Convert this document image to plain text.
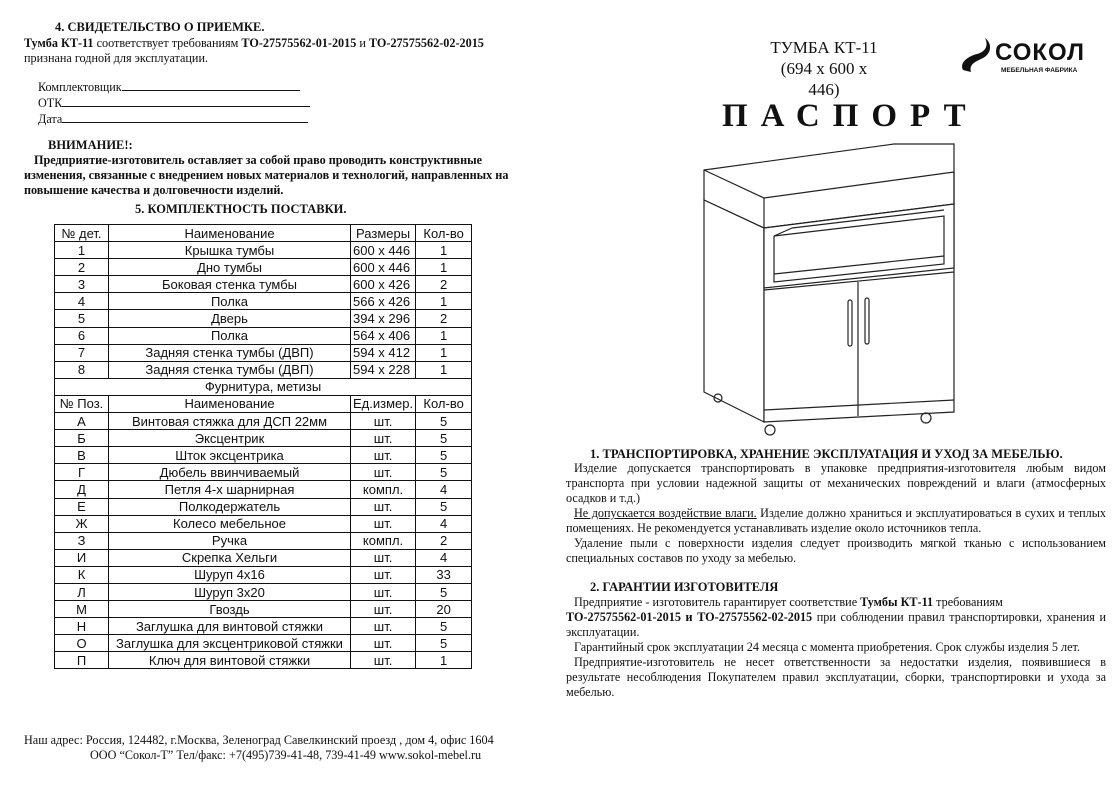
4. СВИДЕТЕЛЬСТВО О ПРИЕМКЕ.
Тумба КТ-11 соответствует требованиям ТО-27575562-01-2015 и ТО-27575562-02-2015
признана годной для эксплуатации.
Комплектовщик
ОТК
Дата
ВНИМАНИЕ!:
Предприятие-изготовитель оставляет за собой право проводить конструктивные изменения, связанные с внедрением новых материалов и технологий, направленных на повышение качества и долговечности изделий.
5. КОМПЛЕКТНОСТЬ ПОСТАВКИ.
№ дет.	Наименование	Размеры	Кол-во
1	Крышка тумбы	600 х 446	1
2	Дно тумбы	600 х 446	1
3	Боковая стенка тумбы	600 х 426	2
4	Полка	566 х 426	1
5	Дверь	394 х 296	2
6	Полка	564 х 406	1
7	Задняя стенка тумбы (ДВП)	594 х 412	1
8	Задняя стенка тумбы (ДВП)	594 х 228	1
Фурнитура, метизы			
№ Поз.	Наименование	Ед.измер.	Кол-во
А	Винтовая стяжка для ДСП 22мм	шт.	5
Б	Эксцентрик	шт.	5
В	Шток эксцентрика	шт.	5
Г	Дюбель ввинчиваемый	шт.	5
Д	Петля 4-х шарнирная	компл.	4
Е	Полкодержатель	шт.	5
Ж	Колесо мебельное	шт.	4
З	Ручка	компл.	2
И	Скрепка Хельги	шт.	4
К	Шуруп 4х16	шт.	33
Л	Шуруп 3х20	шт.	5
М	Гвоздь	шт.	20
Н	Заглушка для винтовой стяжки	шт.	5
О	Заглушка для эксцентриковой стяжки	шт.	5
П	Ключ для винтовой стяжки	шт.	1
Наш адрес: Россия, 124482, г.Москва, Зеленоград Савелкинский проезд , дом 4, офис 1604
ООО “Сокол-Т” Тел/факс: +7(495)739-41-48, 739-41-49 www.sokol-mebel.ru
ТУМБА КТ-11
(694 х 600 х 446)
СОКОЛ
МЕБЕЛЬНАЯ ФАБРИКА
ПАСПОРТ
1. ТРАНСПОРТИРОВКА, ХРАНЕНИЕ ЭКСПЛУАТАЦИЯ И УХОД ЗА МЕБЕЛЬЮ.

Изделие допускается транспортировать в упаковке предприятия-изготовителя любым видом транспорта при условии надежной защиты от механических повреждений и влаги (атмосферных осадков и т.д.)

Не допускается воздействие влаги. Изделие должно храниться и эксплуатироваться в сухих и теплых помещениях. Не рекомендуется устанавливать изделие около источников тепла.

Удаление пыли с поверхности изделия следует производить мягкой тканью с использованием специальных составов по уходу за мебелью.

2. ГАРАНТИИ ИЗГОТОВИТЕЛЯ

Предприятие - изготовитель гарантирует соответствие Тумбы КТ-11 требованиям
ТО-27575562-01-2015 и ТО-27575562-02-2015 при соблюдении правил транспортировки, хранения и эксплуатации.

Гарантийный срок эксплуатации 24 месяца с момента приобретения. Срок службы изделия 5 лет.

Предприятие-изготовитель не несет ответственности за недостатки изделия, появившиеся в результате несоблюдения Покупателем правил эксплуатации, сборки, транспортировки и ухода за мебелью.
